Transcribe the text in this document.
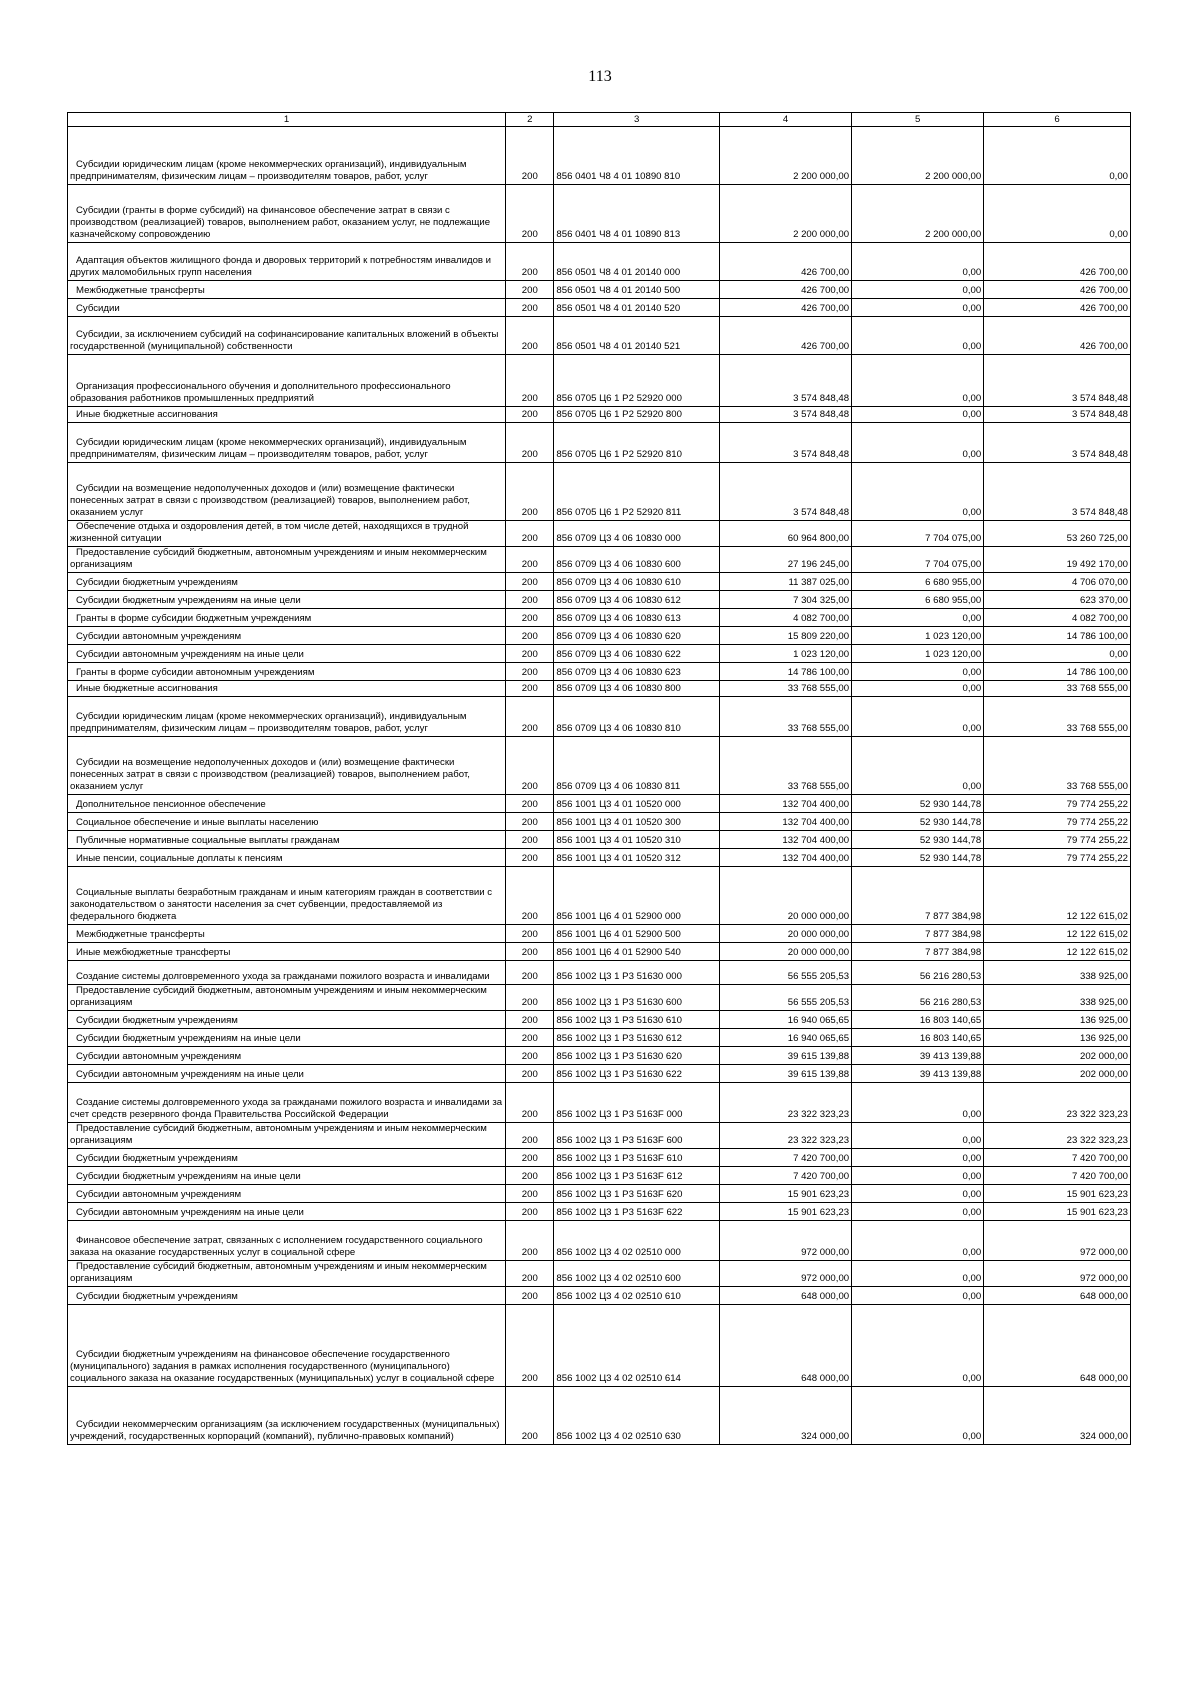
113
1	2	3	4	5	6

Субсидии юридическим лицам (кроме некоммерческих организаций), индивидуальным предпринимателям, физическим лицам – производителям товаров, работ, услуг	200	856 0401 Ч8 4 01 10890 810	2 200 000,00	2 200 000,00	0,00

Субсидии (гранты в форме субсидий) на финансовое обеспечение затрат в связи с производством (реализацией) товаров, выполнением работ, оказанием услуг, не подлежащие казначейскому сопровождению	200	856 0401 Ч8 4 01 10890 813	2 200 000,00	2 200 000,00	0,00

Адаптация объектов жилищного фонда и дворовых территорий к потребностям инвалидов и других маломобильных групп населения	200	856 0501 Ч8 4 01 20140 000	426 700,00	0,00	426 700,00

Межбюджетные трансферты	200	856 0501 Ч8 4 01 20140 500	426 700,00	0,00	426 700,00

Субсидии	200	856 0501 Ч8 4 01 20140 520	426 700,00	0,00	426 700,00

Субсидии, за исключением субсидий на софинансирование капитальных вложений в объекты государственной (муниципальной) собственности	200	856 0501 Ч8 4 01 20140 521	426 700,00	0,00	426 700,00

Организация профессионального обучения и дополнительного профессионального образования работников промышленных предприятий	200	856 0705 Ц6 1 Р2 52920 000	3 574 848,48	0,00	3 574 848,48

Иные бюджетные ассигнования	200	856 0705 Ц6 1 Р2 52920 800	3 574 848,48	0,00	3 574 848,48

Субсидии юридическим лицам (кроме некоммерческих организаций), индивидуальным предпринимателям, физическим лицам – производителям товаров, работ, услуг	200	856 0705 Ц6 1 Р2 52920 810	3 574 848,48	0,00	3 574 848,48

Субсидии на возмещение недополученных доходов и (или) возмещение фактически понесенных затрат в связи с производством (реализацией) товаров, выполнением работ, оказанием услуг	200	856 0705 Ц6 1 Р2 52920 811	3 574 848,48	0,00	3 574 848,48

Обеспечение отдыха и оздоровления детей, в том числе детей, находящихся в трудной жизненной ситуации	200	856 0709 Ц3 4 06 10830 000	60 964 800,00	7 704 075,00	53 260 725,00

Предоставление субсидий бюджетным, автономным учреждениям и иным некоммерческим организациям	200	856 0709 Ц3 4 06 10830 600	27 196 245,00	7 704 075,00	19 492 170,00

Субсидии бюджетным учреждениям	200	856 0709 Ц3 4 06 10830 610	11 387 025,00	6 680 955,00	4 706 070,00

Субсидии бюджетным учреждениям на иные цели	200	856 0709 Ц3 4 06 10830 612	7 304 325,00	6 680 955,00	623 370,00

Гранты в форме субсидии бюджетным учреждениям	200	856 0709 Ц3 4 06 10830 613	4 082 700,00	0,00	4 082 700,00

Субсидии автономным учреждениям	200	856 0709 Ц3 4 06 10830 620	15 809 220,00	1 023 120,00	14 786 100,00

Субсидии автономным учреждениям на иные цели	200	856 0709 Ц3 4 06 10830 622	1 023 120,00	1 023 120,00	0,00

Гранты в форме субсидии автономным учреждениям	200	856 0709 Ц3 4 06 10830 623	14 786 100,00	0,00	14 786 100,00

Иные бюджетные ассигнования	200	856 0709 Ц3 4 06 10830 800	33 768 555,00	0,00	33 768 555,00

Субсидии юридическим лицам (кроме некоммерческих организаций), индивидуальным предпринимателям, физическим лицам – производителям товаров, работ, услуг	200	856 0709 Ц3 4 06 10830 810	33 768 555,00	0,00	33 768 555,00

Субсидии на возмещение недополученных доходов и (или) возмещение фактически понесенных затрат в связи с производством (реализацией) товаров, выполнением работ, оказанием услуг	200	856 0709 Ц3 4 06 10830 811	33 768 555,00	0,00	33 768 555,00

Дополнительное пенсионное обеспечение	200	856 1001 Ц3 4 01 10520 000	132 704 400,00	52 930 144,78	79 774 255,22

Социальное обеспечение и иные выплаты населению	200	856 1001 Ц3 4 01 10520 300	132 704 400,00	52 930 144,78	79 774 255,22

Публичные нормативные социальные выплаты гражданам	200	856 1001 Ц3 4 01 10520 310	132 704 400,00	52 930 144,78	79 774 255,22

Иные пенсии, социальные доплаты к пенсиям	200	856 1001 Ц3 4 01 10520 312	132 704 400,00	52 930 144,78	79 774 255,22

Социальные выплаты безработным гражданам и иным категориям граждан в соответствии с законодательством о занятости населения за счет субвенции, предоставляемой из федерального бюджета	200	856 1001 Ц6 4 01 52900 000	20 000 000,00	7 877 384,98	12 122 615,02

Межбюджетные трансферты	200	856 1001 Ц6 4 01 52900 500	20 000 000,00	7 877 384,98	12 122 615,02

Иные межбюджетные трансферты	200	856 1001 Ц6 4 01 52900 540	20 000 000,00	7 877 384,98	12 122 615,02

Создание системы долговременного ухода за гражданами пожилого возраста и инвалидами	200	856 1002 Ц3 1 Р3 51630 000	56 555 205,53	56 216 280,53	338 925,00

Предоставление субсидий бюджетным, автономным учреждениям и иным некоммерческим организациям	200	856 1002 Ц3 1 Р3 51630 600	56 555 205,53	56 216 280,53	338 925,00

Субсидии бюджетным учреждениям	200	856 1002 Ц3 1 Р3 51630 610	16 940 065,65	16 803 140,65	136 925,00

Субсидии бюджетным учреждениям на иные цели	200	856 1002 Ц3 1 Р3 51630 612	16 940 065,65	16 803 140,65	136 925,00

Субсидии автономным учреждениям	200	856 1002 Ц3 1 Р3 51630 620	39 615 139,88	39 413 139,88	202 000,00

Субсидии автономным учреждениям на иные цели	200	856 1002 Ц3 1 Р3 51630 622	39 615 139,88	39 413 139,88	202 000,00

Создание системы долговременного ухода за гражданами пожилого возраста и инвалидами за счет средств резервного фонда Правительства Российской Федерации	200	856 1002 Ц3 1 Р3 5163F 000	23 322 323,23	0,00	23 322 323,23

Предоставление субсидий бюджетным, автономным учреждениям и иным некоммерческим организациям	200	856 1002 Ц3 1 Р3 5163F 600	23 322 323,23	0,00	23 322 323,23

Субсидии бюджетным учреждениям	200	856 1002 Ц3 1 Р3 5163F 610	7 420 700,00	0,00	7 420 700,00

Субсидии бюджетным учреждениям на иные цели	200	856 1002 Ц3 1 Р3 5163F 612	7 420 700,00	0,00	7 420 700,00

Субсидии автономным учреждениям	200	856 1002 Ц3 1 Р3 5163F 620	15 901 623,23	0,00	15 901 623,23

Субсидии автономным учреждениям на иные цели	200	856 1002 Ц3 1 Р3 5163F 622	15 901 623,23	0,00	15 901 623,23

Финансовое обеспечение затрат, связанных с исполнением государственного социального заказа на оказание государственных услуг в социальной сфере	200	856 1002 Ц3 4 02 02510 000	972 000,00	0,00	972 000,00

Предоставление субсидий бюджетным, автономным учреждениям и иным некоммерческим организациям	200	856 1002 Ц3 4 02 02510 600	972 000,00	0,00	972 000,00

Субсидии бюджетным учреждениям	200	856 1002 Ц3 4 02 02510 610	648 000,00	0,00	648 000,00

Субсидии бюджетным учреждениям на финансовое обеспечение государственного (муниципального) задания в рамках исполнения государственного (муниципального) социального заказа на оказание государственных (муниципальных) услуг в социальной сфере	200	856 1002 Ц3 4 02 02510 614	648 000,00	0,00	648 000,00

Субсидии некоммерческим организациям (за исключением государственных (муниципальных) учреждений, государственных корпораций (компаний), публично-правовых компаний)	200	856 1002 Ц3 4 02 02510 630	324 000,00	0,00	324 000,00
